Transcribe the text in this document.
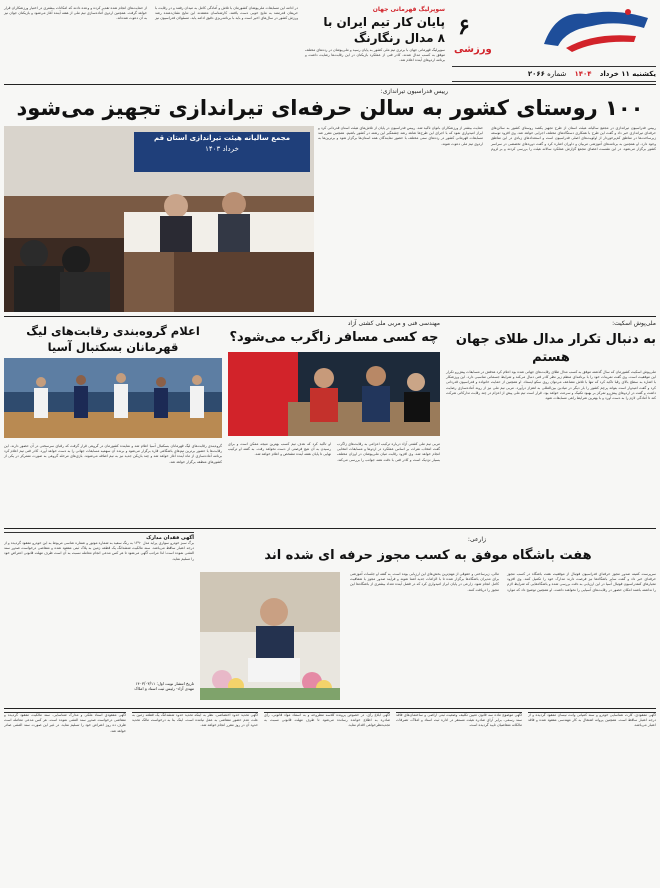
۶
ورزشی
یکشنبه ۱۱ خرداد ۱۴۰۴ شماره ۲۰۶۶
سوپرلیگ قهرمانی جهان
پایان کار تیم ایران با
۸ مدال رنگارنگ
سوپرلیگ قهرمانی جهان با برتری تیم ملی کشور به پایان رسید و ملی‌پوشان در رده‌های مختلف موفق به کسب مدال شدند. کادر فنی از عملکرد بازیکنان در این رقابت‌ها رضایت داشت و برنامه اردوهای آینده اعلام شد.
در ادامه این مسابقات ملی‌پوشان کشورمان با تلاش و آمادگی کامل به میدان رفتند و در رقابت با حریفان قدرتمند به نتایج خوبی دست یافتند. کارشناسان معتقدند این نتایج نشان‌دهنده رشد ورزش کشور در سال‌های اخیر است و باید با برنامه‌ریزی دقیق ادامه یابد. مسئولان فدراسیون نیز از حمایت‌های انجام شده تقدیر کرده و وعده دادند که امکانات بیشتری در اختیار ورزشکاران قرار خواهد گرفت. همچنین اردوی آماده‌سازی تیم ملی از هفته آینده آغاز می‌شود و بازیکنان جوان نیز به آن دعوت شده‌اند.
رییس فدراسیون تیراندازی:
۱۰۰ روستای کشور به سالن حرفه‌ای تیراندازی تجهیز می‌شود
رییس فدراسیون تیراندازی در مجمع سالیانه هیئت استان از طرح تجهیز یکصد روستای کشور به سالن‌های حرفه‌ای تیراندازی خبر داد و گفت این طرح با همکاری دستگاه‌های مختلف اجرایی خواهد شد. وی افزود توسعه زیرساخت‌ها در مناطق کم‌برخوردار از اولویت‌های اصلی فدراسیون است و استعدادهای زیادی در این مناطق وجود دارد. او همچنین به برنامه‌های آموزشی مربیان و داوران اشاره کرد و گفت دوره‌های تخصصی در سراسر کشور برگزار می‌شود. در این نشست اعضای مجمع گزارش عملکرد سالانه هیئت را بررسی کردند و بر لزوم حمایت بیشتر از ورزشکاران بانوان تاکید شد. رییس فدراسیون در پایان از تلاش‌های هیئت استان قدردانی کرد و ابراز امیدواری نمود که با اجرای این طرح‌ها شاهد رشد چشمگیر این رشته در کشور باشیم. همچنین مقرر شد مسابقات قهرمانی کشور در رده‌های سنی مختلف با حضور نمایندگان همه استان‌ها برگزار شود و برترین‌ها به اردوی تیم ملی دعوت شوند.
مجمع سالیانه هیئت تیراندازی استان قم
خرداد ۱۴۰۳
ملی‌پوش اسکیت:
به دنبال تکرار مدال طلای جهان
هستم
ملی‌پوش اسکیت کشورمان که سال گذشته موفق به کسب مدال طلای رقابت‌های جهانی شده بود اعلام کرد هدفش در مسابقات پیش‌رو تکرار این موفقیت است. وی گفت تمرینات خود را با برنامه‌ای منظم زیر نظر کادر فنی دنبال می‌کند و شرایط جسمانی مناسبی دارد. این ورزشکار با اشاره به سطح بالای رقبا تاکید کرد که تنها با تلاش مضاعف می‌توان روی سکو ایستاد. او همچنین از حمایت خانواده و فدراسیون قدردانی کرد و گفت امیدوار است بتواند پرچم کشور را بار دیگر در میادین بین‌المللی به اهتزاز درآورد. مربی تیم ملی نیز از روند آماده‌سازی رضایت داشت و گفت در اردوهای پیش‌رو تمرکز بر بهبود تکنیک و سرعت خواهد بود. قرار است تیم ملی پیش از اعزام در چند رقابت تدارکاتی شرکت کند تا آمادگی لازم را به دست آورد و با بهترین شرایط راهی مسابقات شود.
مهندسی فنی و مربی ملی کشتی آزاد
چه کسی مسافر زاگرب می‌شود؟
مربی تیم ملی کشتی آزاد درباره ترکیب اعزامی به رقابت‌های زاگرب گفت انتخاب نفرات بر اساس عملکرد در اردوها و مسابقات انتخابی انجام خواهد شد. وی افزود رقابت میان ملی‌پوشان در اوزان مختلف بسیار نزدیک است و کادر فنی با دقت همه جوانب را بررسی می‌کند. او تاکید کرد که هدف تیم کسب بهترین نتیجه ممکن است و برای رسیدن به آن هیچ فرصتی از دست نخواهد رفت. به گفته او ترکیب نهایی تا پایان هفته آینده مشخص و اعلام خواهد شد.
اعلام گروه‌بندی رقابت‌های لیگ
قهرمانان بسکتبال آسیا
گروه‌بندی رقابت‌های لیگ قهرمانان بسکتبال آسیا اعلام شد و نماینده کشورمان در گروهی قرار گرفت که رقبای سرسختی در آن حضور دارند. این رقابت‌ها با حضور برترین تیم‌های باشگاهی قاره برگزار می‌شود و برنده آن سهمیه مسابقات جهانی را به دست خواهد آورد. کادر فنی تیم اعلام کرد برنامه آماده‌سازی از ماه آینده آغاز خواهد شد و چند بازیکن جدید نیز به تیم اضافه می‌شوند. بازی‌های مرحله گروهی به صورت متمرکز در یکی از کشورهای منطقه برگزار خواهد شد.
زارعی:
هفت باشگاه موفق به کسب مجوز حرفه ای شده اند
سرپرست کمیته صدور مجوز حرفه‌ای فدراسیون فوتبال از موفقیت هفت باشگاه در کسب مجوز حرفه‌ای خبر داد و گفت سایر باشگاه‌ها نیز فرصت دارند مدارک خود را تکمیل کنند. وی افزود معیارهای کنفدراسیون فوتبال آسیا در این ارزیابی به دقت بررسی شده و باشگاه‌هایی که شرایط لازم را نداشته باشند امکان حضور در رقابت‌های آسیایی را نخواهند داشت. او همچنین توضیح داد که موارد مالی، زیرساختی و حقوقی از مهم‌ترین بخش‌های این ارزیابی بوده است. به گفته او جلسات آموزشی برای مدیران باشگاه‌ها برگزار شده تا با الزامات جدید آشنا شوند و فرآیند صدور مجوز با شفافیت کامل انجام شود. زارعی در پایان ابراز امیدواری کرد که در فصل آینده تعداد بیشتری از باشگاه‌ها این مجوز را دریافت کنند.
آگهی فقدان مدارک
برگ سبز خودرو سواری پراید مدل ۱۳۹۰ به رنگ سفید به شماره موتور و شماره شاسی مربوط به این خودرو مفقود گردیده و از درجه اعتبار ساقط می‌باشد. سند مالکیت ششدانگ یک قطعه زمین به پلاک ثبتی مفقود شده و متقاضی درخواست صدور سند المثنی نموده است؛ لذا مراتب آگهی می‌شود تا هر کس مدعی انجام معامله نسبت به آن است ظرف مهلت قانونی اعتراض خود را تسلیم نماید.
تاریخ انتشار نوبت اول: ۱۴۰۳/۰۳/۱۱
مهدی آزاد- رئیس ثبت اسناد و املاک
آگهی مفقودی اسناد ملکی و مدارک شناسایی. سند مالکیت مفقود گردیده و متقاضی درخواست صدور سند المثنی نموده است. هر کس مدعی معامله است ظرف ده روز اعتراض خود را تسلیم نماید. در غیر این صورت سند المثنی صادر خواهد شد.
آگهی تحدید حدود اختصاصی. نظر به اینکه تحدید حدود ششدانگ یک قطعه زمین به علت عدم حضور متقاضی به عمل نیامده است، اینک بنا به درخواست مالک تحدید حدود آن در روز مقرر انجام خواهد شد.
آگهی ابلاغ رأی. در خصوص پرونده کلاسه مطروحه و به استناد مواد قانونی، رأی صادره به اطلاع خوانده رسانده می‌شود تا ظرف مهلت قانونی نسبت به تجدیدنظرخواهی اقدام نماید.
آگهی موضوع ماده سه قانون تعیین تکلیف وضعیت ثبتی اراضی و ساختمان‌های فاقد سند رسمی. برابر آرای صادره هیئت مستقر در اداره ثبت اسناد و املاک، تصرفات مالکانه متقاضیان تایید گردیده است.
آگهی مفقودی. کارت شناسایی خودرو و سند کمپانی وانت نیسان مفقود گردیده و از درجه اعتبار ساقط است. همچنین پروانه اشتغال به کار مهندسی مفقود شده و فاقد اعتبار می‌باشد.
